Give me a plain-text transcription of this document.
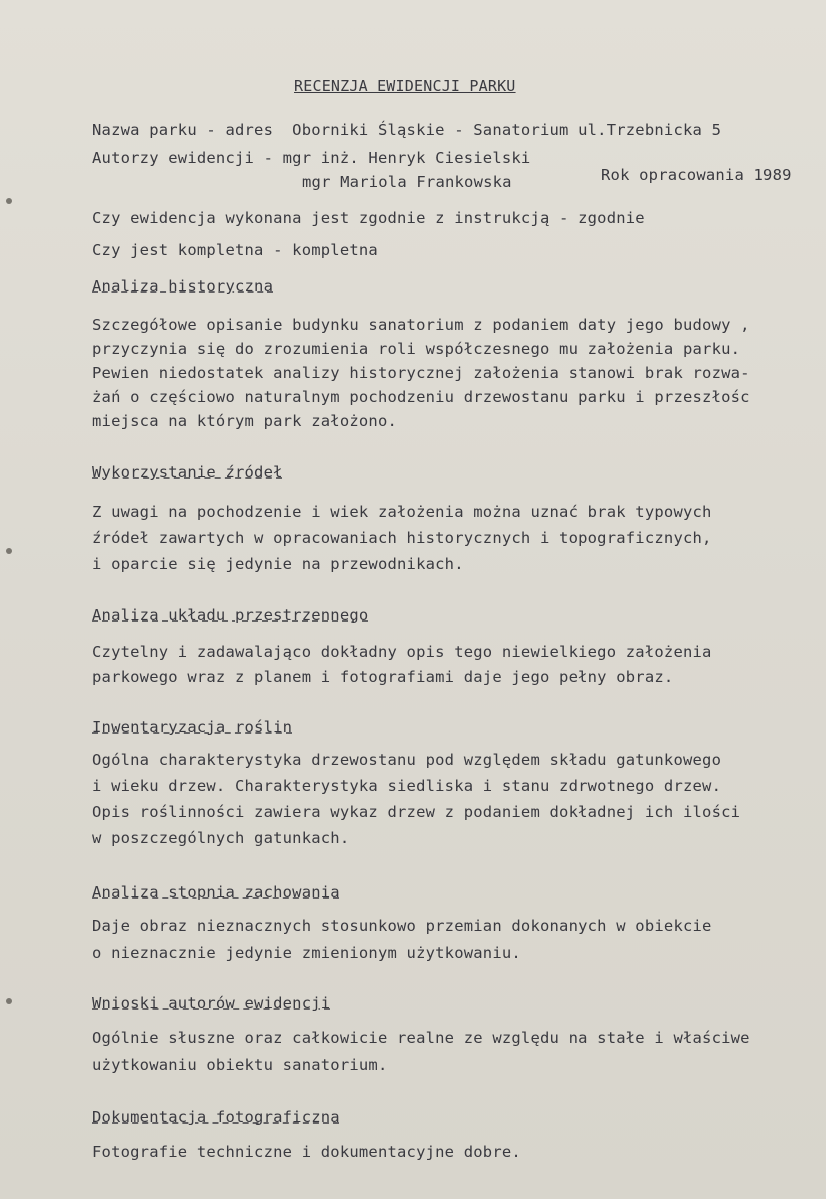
RECENZJA EWIDENCJI PARKU
Nazwa parku - adres  Oborniki Śląskie - Sanatorium ul.Trzebnicka 5
Autorzy ewidencji - mgr inż. Henryk Ciesielski
mgr Mariola Frankowska	Rok opracowania 1989
Czy ewidencja wykonana jest zgodnie z instrukcją - zgodnie
Czy jest kompletna - kompletna
Analiza historyczna
Szczegółowe opisanie budynku sanatorium z podaniem daty jego budowy ,
przyczynia się do zrozumienia roli współczesnego mu założenia parku.
Pewien niedostatek analizy historycznej założenia stanowi brak rozwa-
żań o częściowo naturalnym pochodzeniu drzewostanu parku i przeszłośc
miejsca na którym park założono.
Wykorzystanie źródeł
Z uwagi na pochodzenie i wiek założenia można uznać brak typowych
źródeł zawartych w opracowaniach historycznych i topograficznych,
i oparcie się jedynie na przewodnikach.
Analiza układu przestrzennego
Czytelny i zadawalająco dokładny opis tego niewielkiego założenia
parkowego wraz z planem i fotografiami daje jego pełny obraz.
Inwentaryzacja roślin
Ogólna charakterystyka drzewostanu pod względem składu gatunkowego
i wieku drzew. Charakterystyka siedliska i stanu zdrwotnego drzew.
Opis roślinności zawiera wykaz drzew z podaniem dokładnej ich ilości
w poszczególnych gatunkach.
Analiza stopnia zachowania
Daje obraz nieznacznych stosunkowo przemian dokonanych w obiekcie
o nieznacznie jedynie zmienionym użytkowaniu.
Wnioski autorów ewidencji
Ogólnie słuszne oraz całkowicie realne ze względu na stałe i właściwe
użytkowaniu obiektu sanatorium.
Dokumentacja fotograficzna
Fotografie techniczne i dokumentacyjne dobre.
